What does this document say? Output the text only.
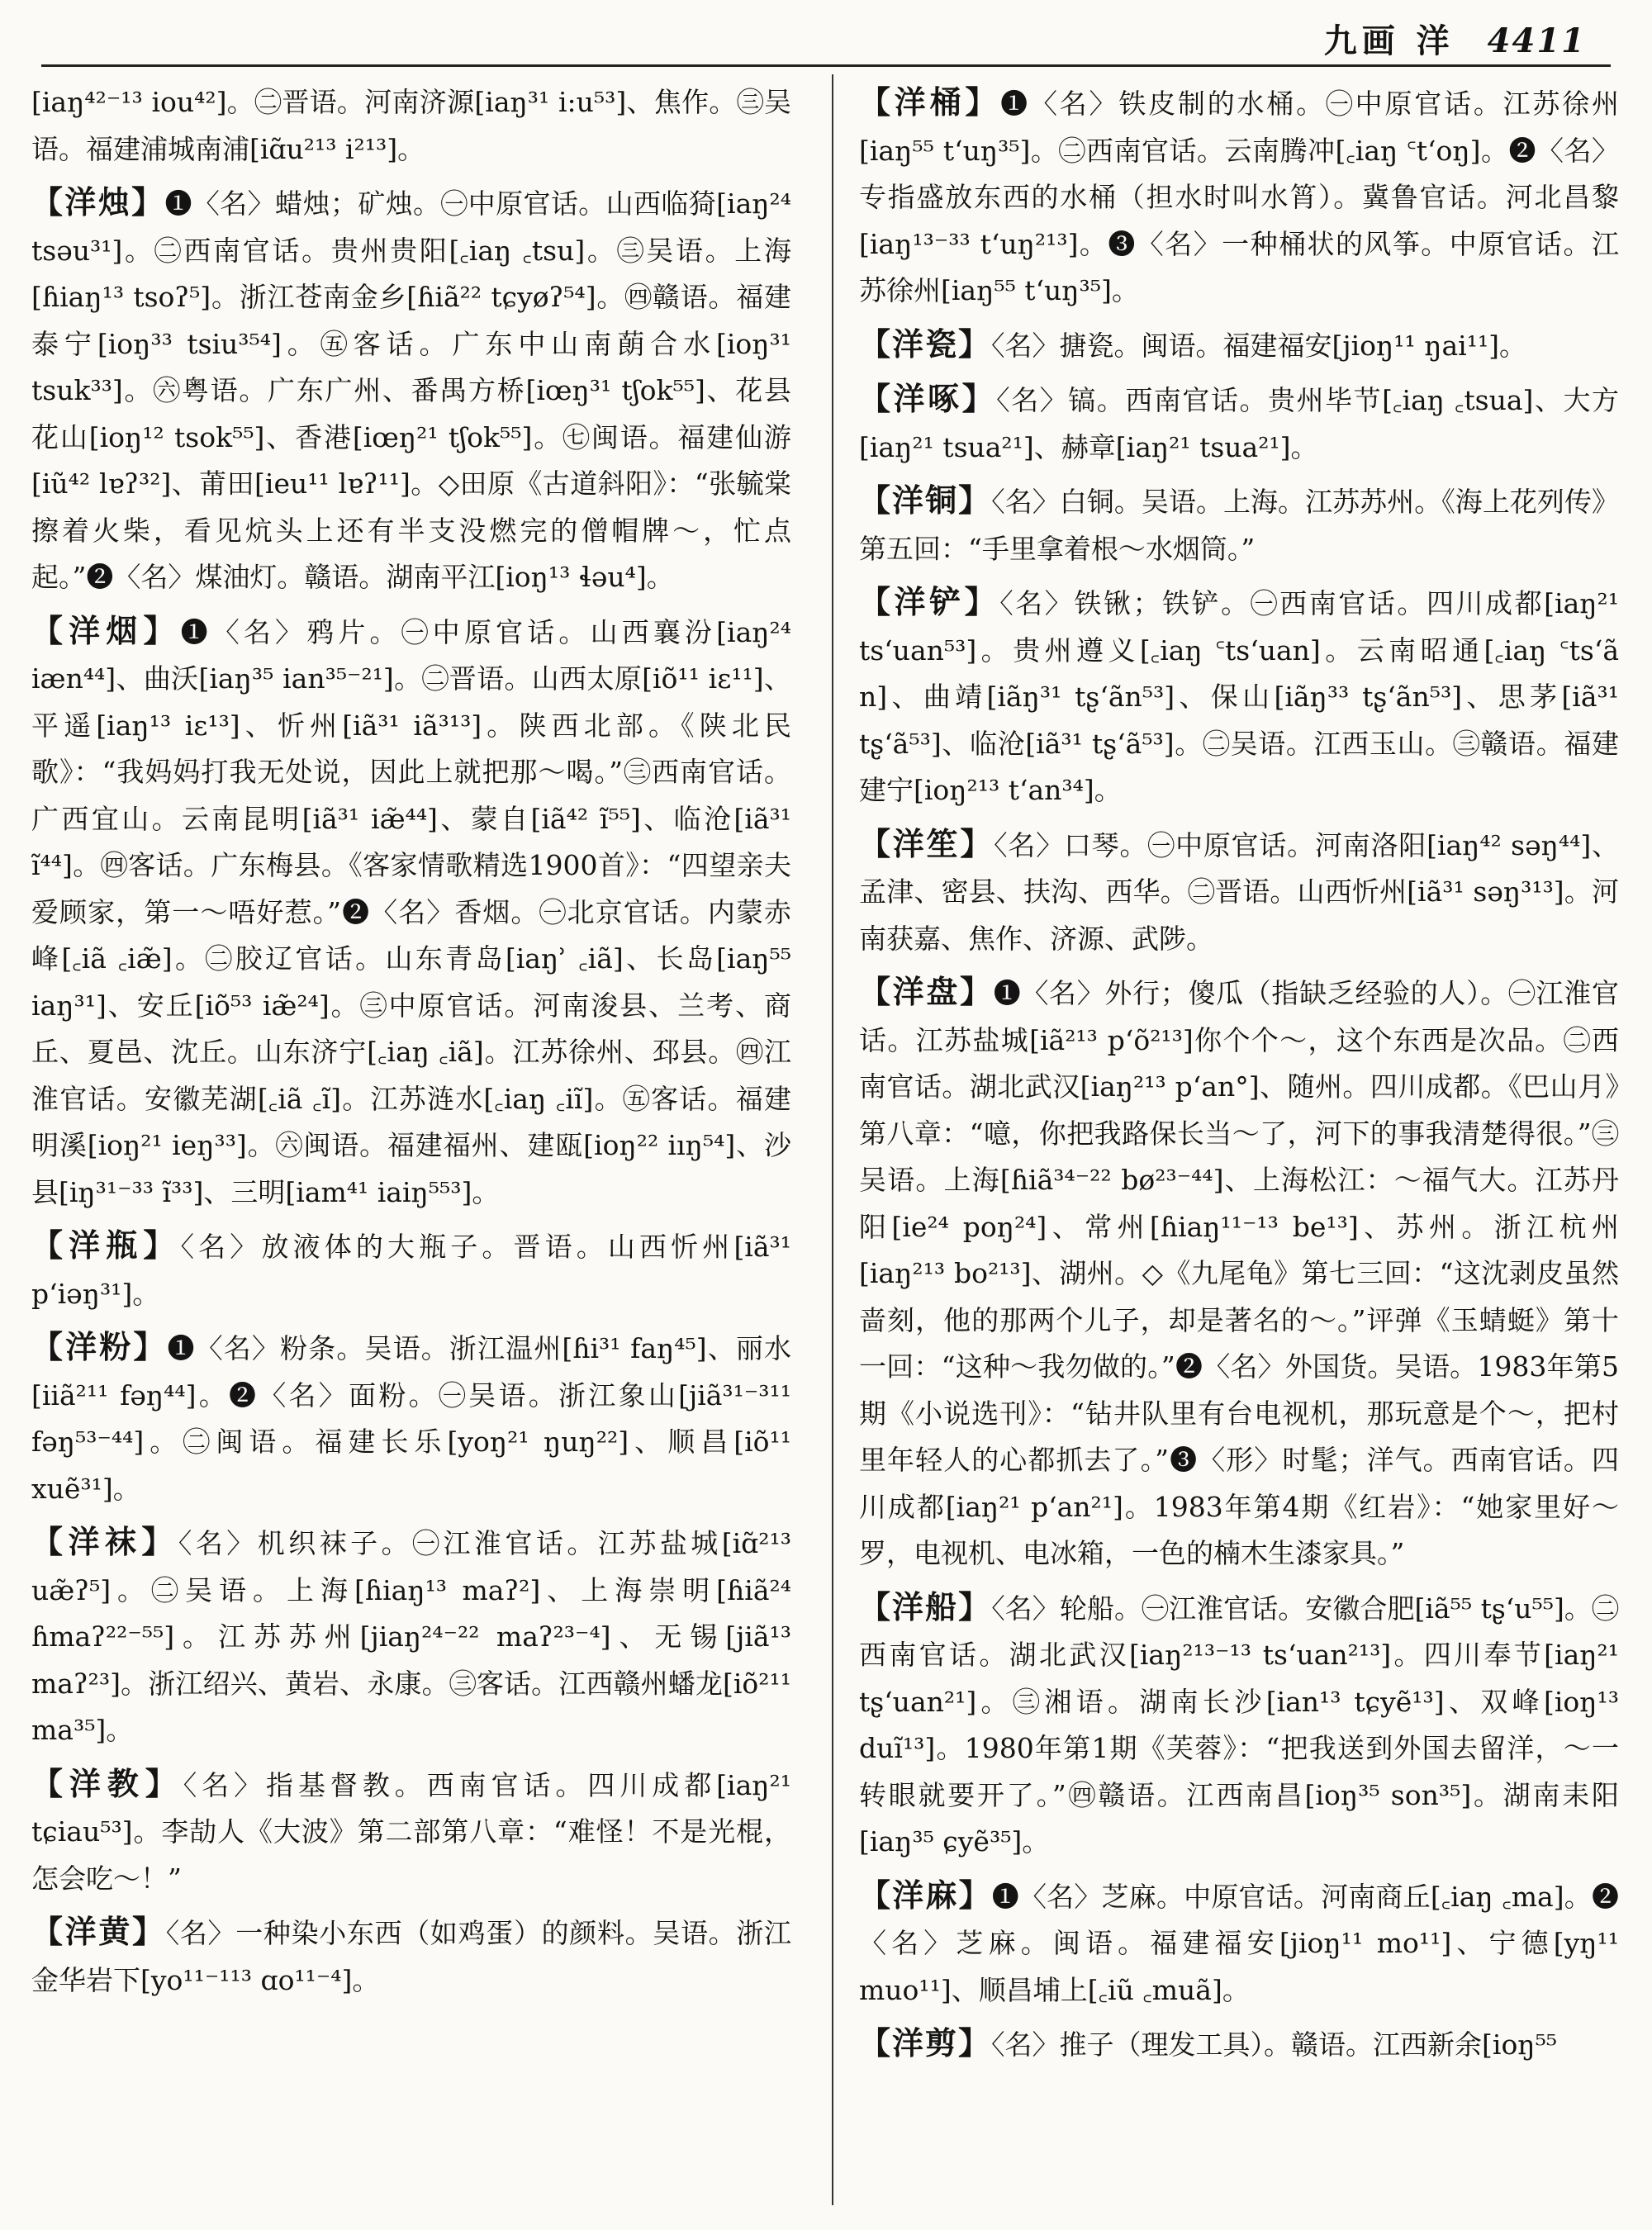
九画 洋 4411

[iaŋ⁴²⁻¹³ iou⁴²]。㊁晋语。河南济源[iaŋ³¹ i:u⁵³]、焦作。㊂吴语。福建浦城南浦[iɑ̃u²¹³ i²¹³]。

【洋烛】❶〈名〉蜡烛；矿烛。㊀中原官话。山西临猗[iaŋ²⁴ tsəu³¹]。㊁西南官话。贵州贵阳[꜀iaŋ ꜀tsu]。㊂吴语。上海[ɦiaŋ¹³ tsoʔ⁵]。浙江苍南金乡[ɦiã²² tɕyøʔ⁵⁴]。㊃赣语。福建泰宁[ioŋ³³ tsiu³⁵⁴]。㊄客话。广东中山南蓢合水[ioŋ³¹ tsuk³³]。㊅粤语。广东广州、番禺方桥[iœŋ³¹ tʃok⁵⁵]、花县花山[ioŋ¹² tsok⁵⁵]、香港[iœŋ²¹ tʃok⁵⁵]。㊆闽语。福建仙游[iũ⁴² lɐʔ³²]、莆田[ieu¹¹ lɐʔ¹¹]。◇田原《古道斜阳》：“张毓棠擦着火柴，看见炕头上还有半支没燃完的僧帽牌～，忙点起。”❷〈名〉煤油灯。赣语。湖南平江[ioŋ¹³ ɬəu⁴]。

【洋烟】❶〈名〉鸦片。㊀中原官话。山西襄汾[iaŋ²⁴ iæn⁴⁴]、曲沃[iaŋ³⁵ ian³⁵⁻²¹]。㊁晋语。山西太原[iõ¹¹ iɛ¹¹]、平遥[iaŋ¹³ iɛ¹³]、忻州[iã³¹ iã³¹³]。陕西北部。《陕北民歌》：“我妈妈打我无处说，因此上就把那～喝。”㊂西南官话。广西宜山。云南昆明[iã³¹ iæ̃⁴⁴]、蒙自[iã⁴² ĩ⁵⁵]、临沧[iã³¹ ĩ⁴⁴]。㊃客话。广东梅县。《客家情歌精选1900首》：“四望亲夫爱顾家，第一～唔好惹。”❷〈名〉香烟。㊀北京官话。内蒙赤峰[꜀iã ꜀iæ̃]。㊁胶辽官话。山东青岛[iaŋʾ ꜀iã]、长岛[iaŋ⁵⁵ iaŋ³¹]、安丘[iõ⁵³ iæ̃²⁴]。㊂中原官话。河南浚县、兰考、商丘、夏邑、沈丘。山东济宁[꜀iaŋ ꜀iã]。江苏徐州、邳县。㊃江淮官话。安徽芜湖[꜀iã ꜀ĩ]。江苏涟水[꜀iaŋ ꜀iĩ]。㊄客话。福建明溪[ioŋ²¹ ieŋ³³]。㊅闽语。福建福州、建瓯[ioŋ²² iıŋ⁵⁴]、沙县[iŋ³¹⁻³³ ĩ³³]、三明[iam⁴¹ iaiŋ⁵⁵³]。

【洋瓶】〈名〉放液体的大瓶子。晋语。山西忻州[iã³¹ pʻiəŋ³¹]。

【洋粉】❶〈名〉粉条。吴语。浙江温州[ɦi³¹ faŋ⁴⁵]、丽水[iiã²¹¹ fəŋ⁴⁴]。❷〈名〉面粉。㊀吴语。浙江象山[jiã³¹⁻³¹¹ fəŋ⁵³⁻⁴⁴]。㊁闽语。福建长乐[yoŋ²¹ ŋuŋ²²]、顺昌[iõ¹¹ xuẽ³¹]。

【洋袜】〈名〉机织袜子。㊀江淮官话。江苏盐城[iɑ̃²¹³ uæ̃ʔ⁵]。㊁吴语。上海[ɦiaŋ¹³ maʔ²]、上海崇明[ɦiã²⁴ ɦmaʔ²²⁻⁵⁵]。江苏苏州[jiaŋ²⁴⁻²² maʔ²³⁻⁴]、无锡[jiã¹³ maʔ²³]。浙江绍兴、黄岩、永康。㊂客话。江西赣州蟠龙[iõ²¹¹ ma³⁵]。

【洋教】〈名〉指基督教。西南官话。四川成都[iaŋ²¹ tɕiau⁵³]。李劼人《大波》第二部第八章：“难怪！不是光棍，怎会吃～！”

【洋黄】〈名〉一种染小东西（如鸡蛋）的颜料。吴语。浙江金华岩下[yo¹¹⁻¹¹³ ɑo¹¹⁻⁴]。

【洋桶】❶〈名〉铁皮制的水桶。㊀中原官话。江苏徐州[iaŋ⁵⁵ tʻuŋ³⁵]。㊁西南官话。云南腾冲[꜀iaŋ ꜂tʻoŋ]。❷〈名〉专指盛放东西的水桶（担水时叫水筲）。冀鲁官话。河北昌黎[iaŋ¹³⁻³³ tʻuŋ²¹³]。❸〈名〉一种桶状的风筝。中原官话。江苏徐州[iaŋ⁵⁵ tʻuŋ³⁵]。

【洋瓷】〈名〉搪瓷。闽语。福建福安[jioŋ¹¹ ŋai¹¹]。

【洋啄】〈名〉镐。西南官话。贵州毕节[꜀iaŋ ꜀tsua]、大方[iaŋ²¹ tsua²¹]、赫章[iaŋ²¹ tsua²¹]。

【洋铜】〈名〉白铜。吴语。上海。江苏苏州。《海上花列传》第五回：“手里拿着根～水烟筒。”

【洋铲】〈名〉铁锹；铁铲。㊀西南官话。四川成都[iaŋ²¹ tsʻuan⁵³]。贵州遵义[꜀iaŋ ꜂tsʻuan]。云南昭通[꜀iaŋ ꜂tsʻã n]、曲靖[iãŋ³¹ tʂʻãn⁵³]、保山[iãŋ³³ tʂʻãn⁵³]、思茅[iã³¹ tʂʻã⁵³]、临沧[iã³¹ tʂʻã⁵³]。㊁吴语。江西玉山。㊂赣语。福建建宁[ioŋ²¹³ tʻan³⁴]。

【洋笙】〈名〉口琴。㊀中原官话。河南洛阳[iaŋ⁴² səŋ⁴⁴]、孟津、密县、扶沟、西华。㊁晋语。山西忻州[iã³¹ səŋ³¹³]。河南获嘉、焦作、济源、武陟。

【洋盘】❶〈名〉外行；傻瓜（指缺乏经验的人）。㊀江淮官话。江苏盐城[iã²¹³ pʻõ²¹³]你个个～，这个东西是次品。㊁西南官话。湖北武汉[iaŋ²¹³ pʻan°]、随州。四川成都。《巴山月》第八章：“噫，你把我路保长当～了，河下的事我清楚得很。”㊂吴语。上海[ɦiã³⁴⁻²² bø²³⁻⁴⁴]、上海松江：～福气大。江苏丹阳[ie²⁴ poŋ²⁴]、常州[ɦiaŋ¹¹⁻¹³ be¹³]、苏州。浙江杭州[iaŋ²¹³ bo²¹³]、湖州。◇《九尾龟》第七三回：“这沈剥皮虽然啬刻，他的那两个儿子，却是著名的～。”评弹《玉蜻蜓》第十一回：“这种～我勿做的。”❷〈名〉外国货。吴语。1983年第5期《小说选刊》：“钻井队里有台电视机，那玩意是个～，把村里年轻人的心都抓去了。”❸〈形〉时髦；洋气。西南官话。四川成都[iaŋ²¹ pʻan²¹]。1983年第4期《红岩》：“她家里好～罗，电视机、电冰箱，一色的楠木生漆家具。”

【洋船】〈名〉轮船。㊀江淮官话。安徽合肥[iã⁵⁵ tʂʻu⁵⁵]。㊁西南官话。湖北武汉[iaŋ²¹³⁻¹³ tsʻuan²¹³]。四川奉节[iaŋ²¹ tʂʻuan²¹]。㊂湘语。湖南长沙[ian¹³ tɕyẽ¹³]、双峰[ioŋ¹³ duĩ¹³]。1980年第1期《芙蓉》：“把我送到外国去留洋，～一转眼就要开了。”㊃赣语。江西南昌[ioŋ³⁵ son³⁵]。湖南耒阳[iaŋ³⁵ ɕyẽ³⁵]。

【洋麻】❶〈名〉芝麻。中原官话。河南商丘[꜀iaŋ ꜀ma]。❷〈名〉芝麻。闽语。福建福安[jioŋ¹¹ mo¹¹]、宁德[yŋ¹¹ muo¹¹]、顺昌埔上[꜀iũ ꜀muã]。

【洋剪】〈名〉推子（理发工具）。赣语。江西新余[ioŋ⁵⁵
